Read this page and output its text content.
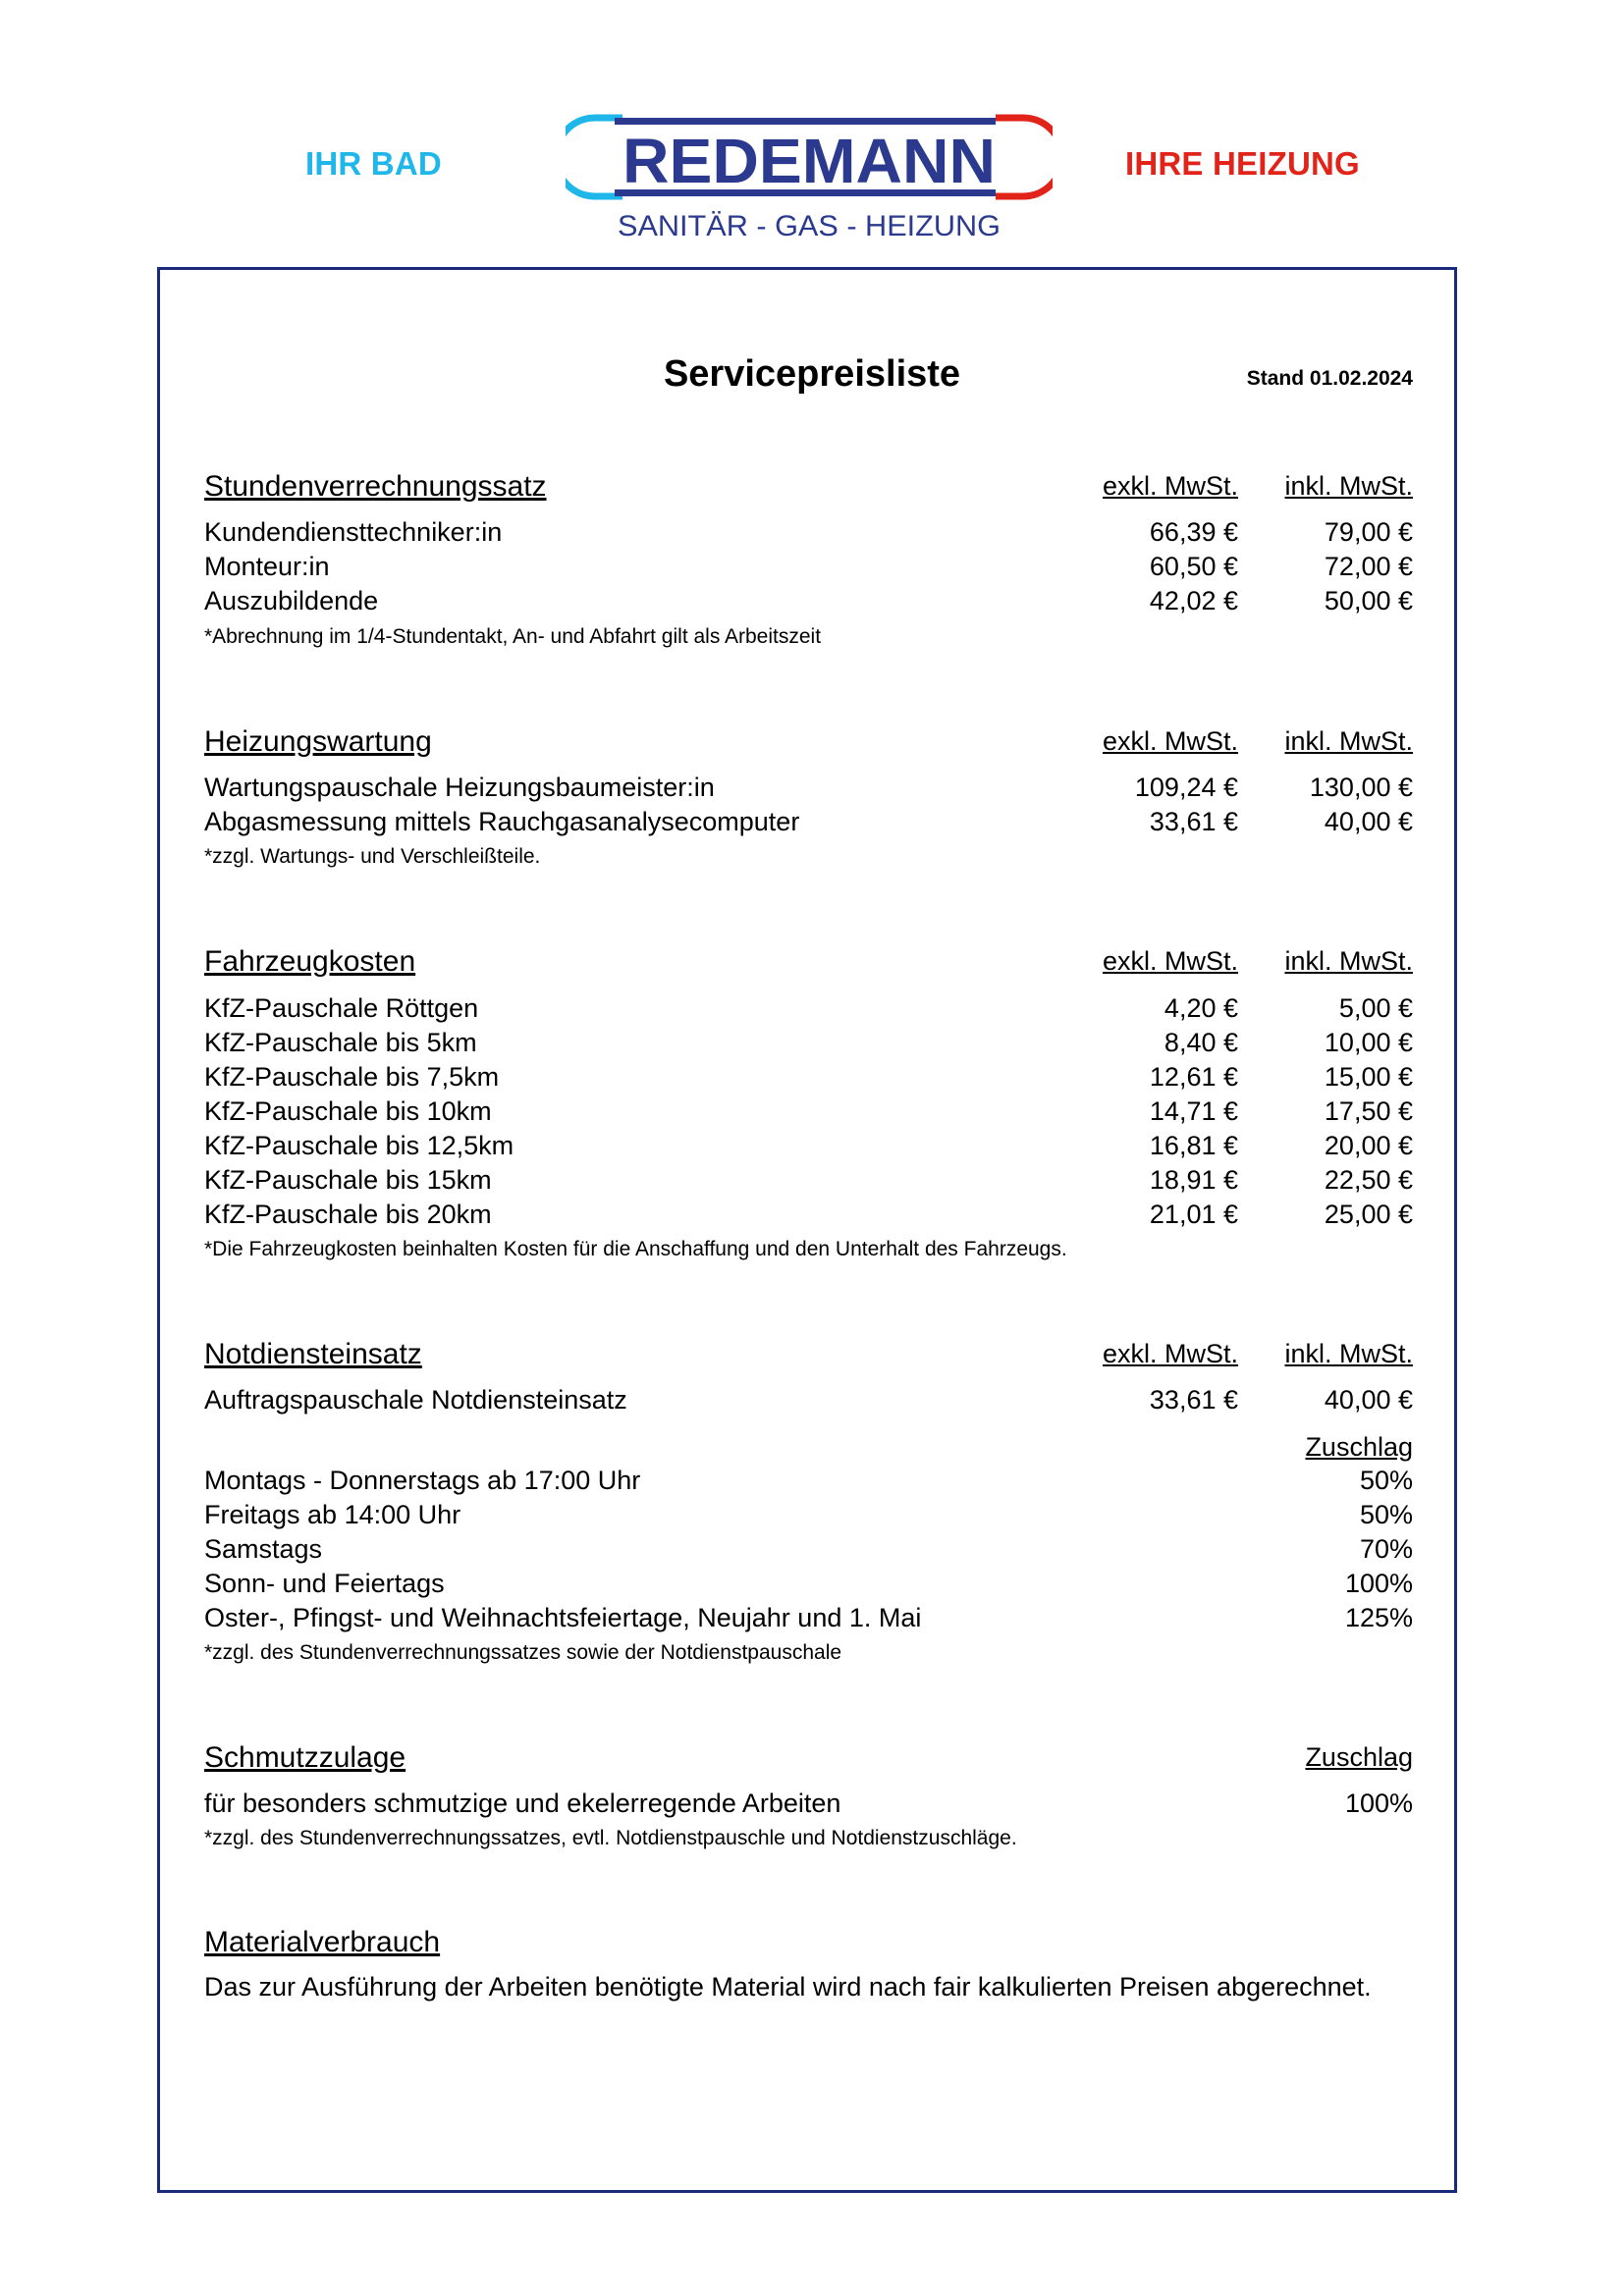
IHR BAD	IHRE HEIZUNG
REDEMANN
SANITÄR - GAS - HEIZUNG
Servicepreisliste	Stand 01.02.2024
Stundenverrechnungssatz	exkl. MwSt. inkl. MwSt.
Kundendiensttechniker:in	66,39 €	79,00 €
Monteur:in	60,50 €	72,00 €
Auszubildende	42,02 €	50,00 €
*Abrechnung im 1/4-Stundentakt, An- und Abfahrt gilt als Arbeitszeit
Heizungswartung	exkl. MwSt. inkl. MwSt.
Wartungspauschale Heizungsbaumeister:in	109,24 €	130,00 €
Abgasmessung mittels Rauchgasanalysecomputer	33,61 €	40,00 €
*zzgl. Wartungs- und Verschleißteile.
Fahrzeugkosten	exkl. MwSt. inkl. MwSt.
KfZ-Pauschale Röttgen	4,20 €	5,00 €
KfZ-Pauschale bis 5km	8,40 €	10,00 €
KfZ-Pauschale bis 7,5km	12,61 €	15,00 €
KfZ-Pauschale bis 10km	14,71 €	17,50 €
KfZ-Pauschale bis 12,5km	16,81 €	20,00 €
KfZ-Pauschale bis 15km	18,91 €	22,50 €
KfZ-Pauschale bis 20km	21,01 €	25,00 €
*Die Fahrzeugkosten beinhalten Kosten für die Anschaffung und den Unterhalt des Fahrzeugs.
Notdiensteinsatz	exkl. MwSt. inkl. MwSt.
Auftragspauschale Notdiensteinsatz	33,61 €	40,00 €
Zuschlag
Montags - Donnerstags ab 17:00 Uhr	50%
Freitags ab 14:00 Uhr	50%
Samstags	70%
Sonn- und Feiertags	100%
Oster-, Pfingst- und Weihnachtsfeiertage, Neujahr und 1. Mai	125%
*zzgl. des Stundenverrechnungssatzes sowie der Notdienstpauschale
Schmutzzulage	Zuschlag
für besonders schmutzige und ekelerregende Arbeiten	100%
*zzgl. des Stundenverrechnungssatzes, evtl. Notdienstpauschle und Notdienstzuschläge.
Materialverbrauch
Das zur Ausführung der Arbeiten benötigte Material wird nach fair kalkulierten Preisen abgerechnet.
